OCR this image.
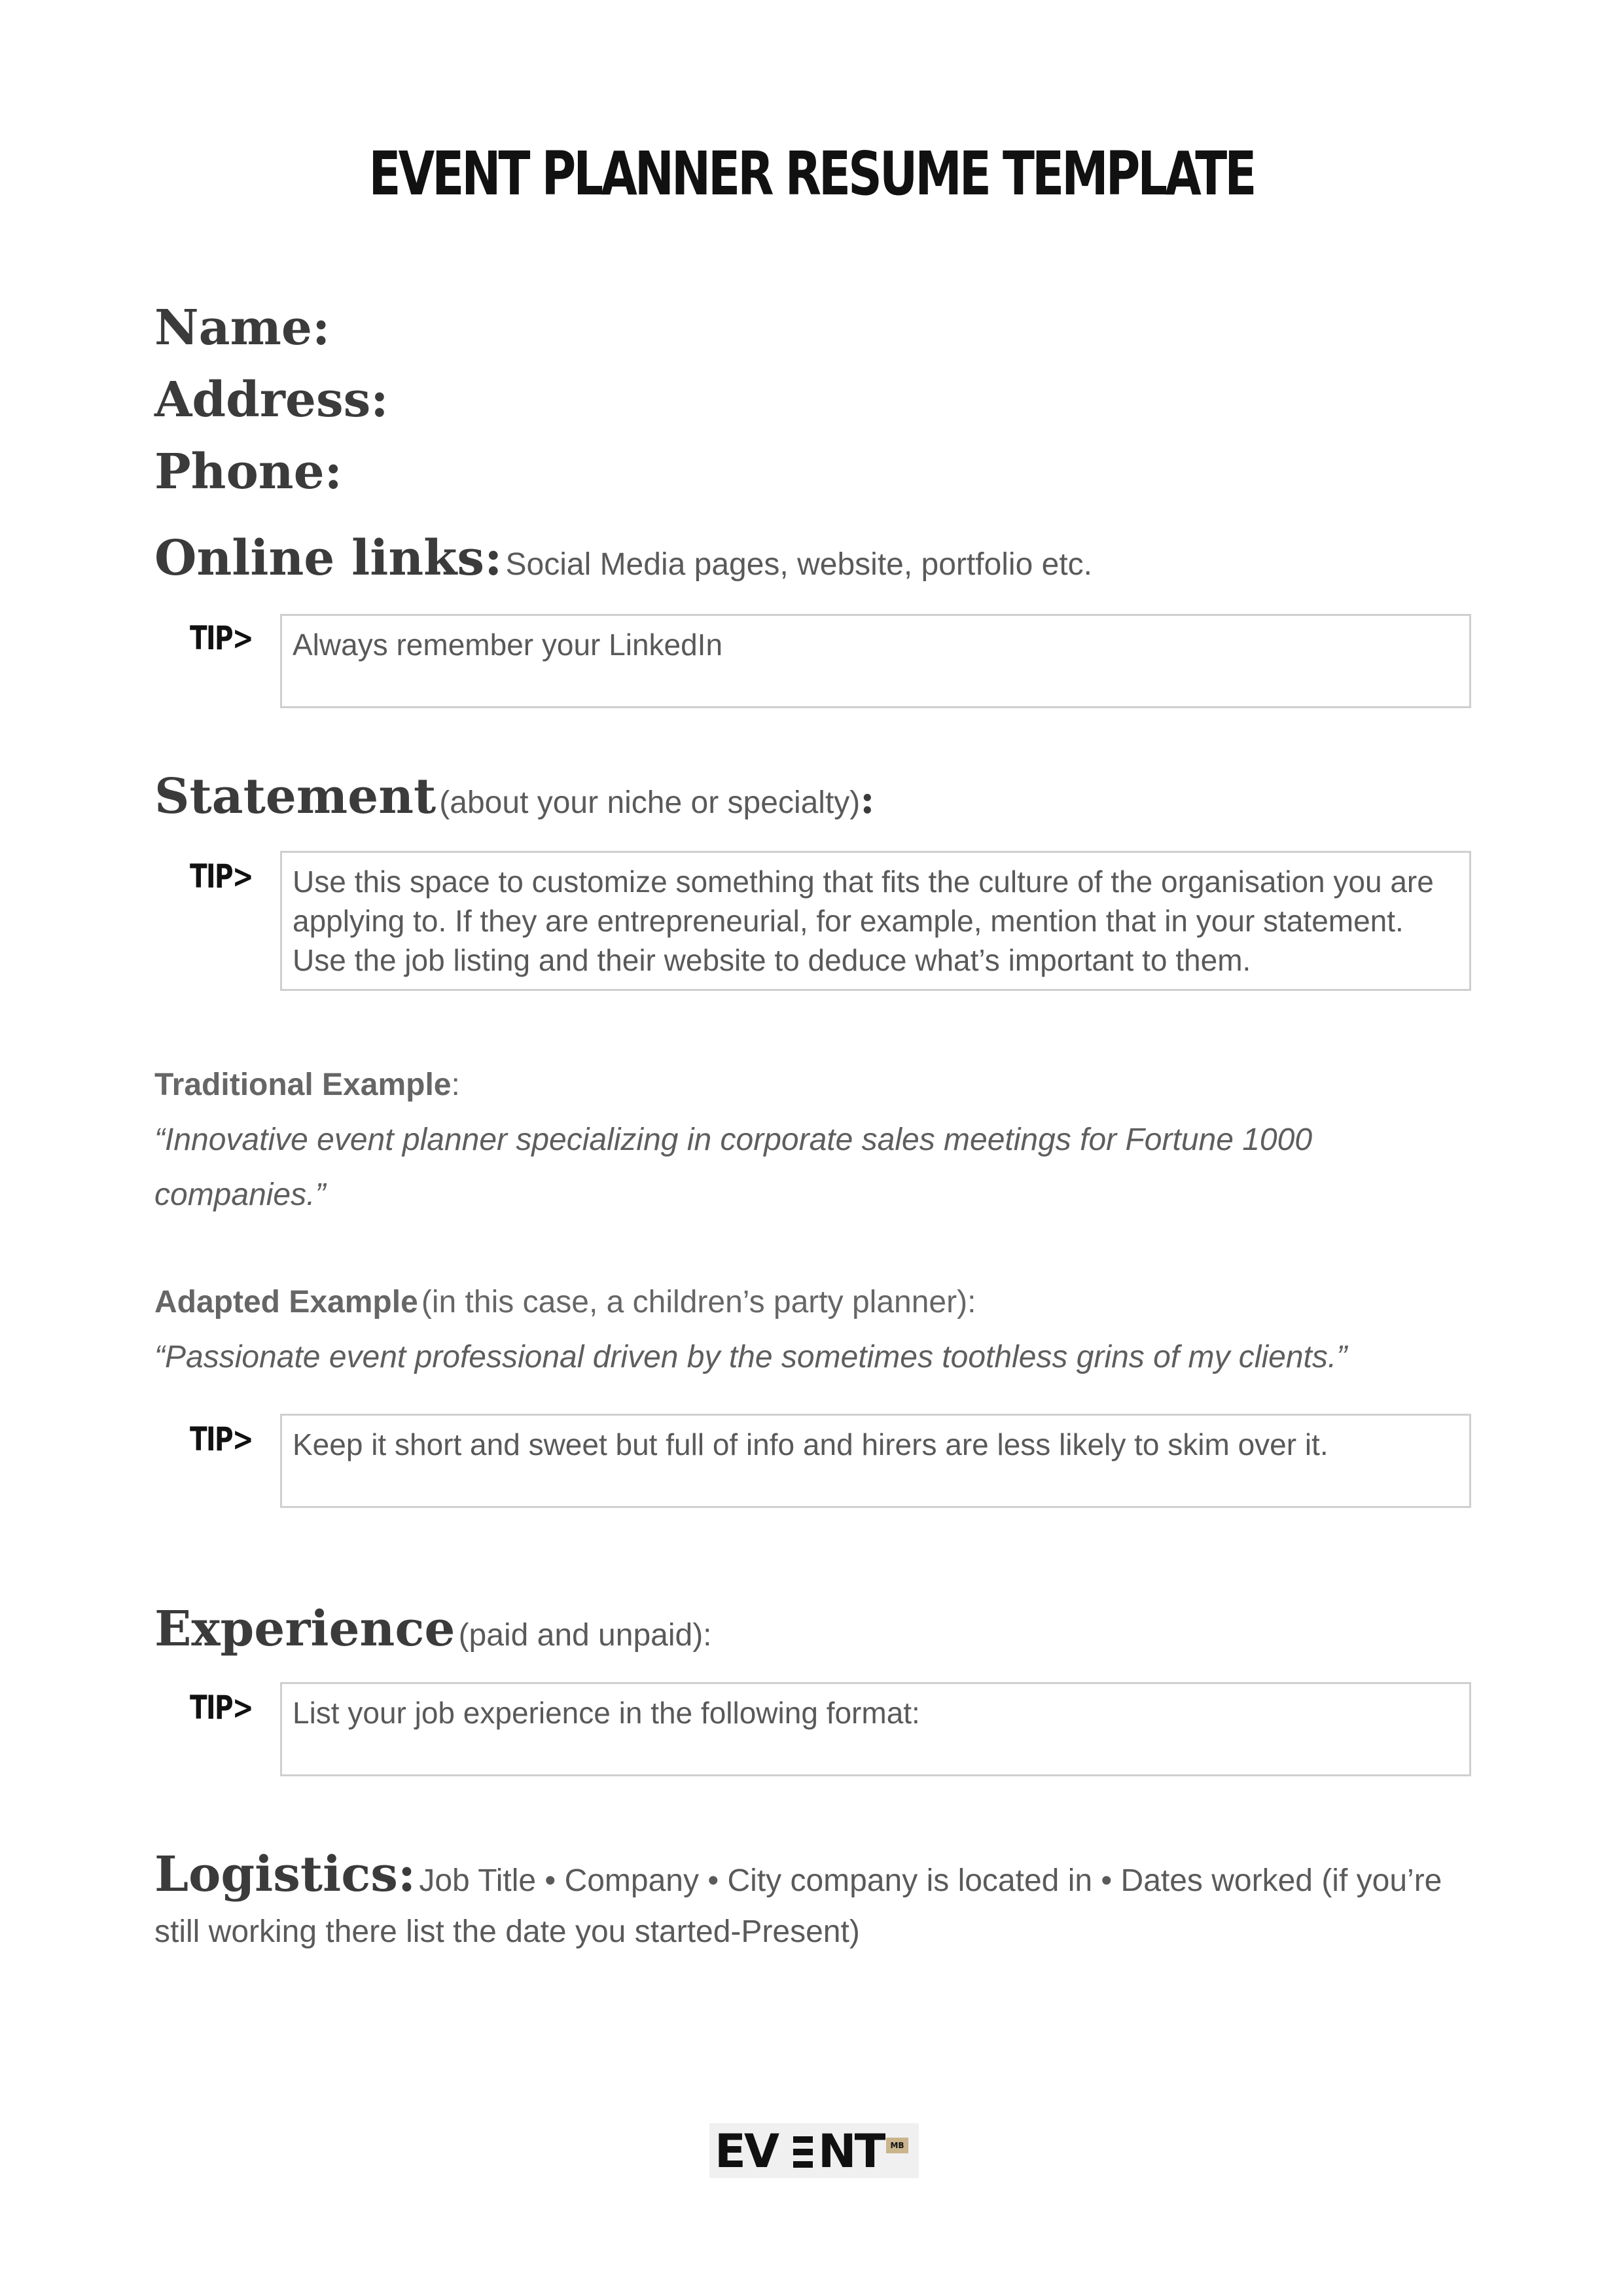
EVENT PLANNER RESUME TEMPLATE
Name:
Address:
Phone:
Online links: Social Media pages, website, portfolio etc.
TIP>	Always remember your LinkedIn
Statement (about your niche or specialty):
TIP>	Use this space to customize something that fits the culture of the organisation you are applying to. If they are entrepreneurial, for example, mention that in your statement. Use the job listing and their website to deduce what’s important to them.
Traditional Example:
“Innovative event planner specializing in corporate sales meetings for Fortune 1000 companies.”
Adapted Example (in this case, a children’s party planner):
“Passionate event professional driven by the sometimes toothless grins of my clients.”
TIP>	Keep it short and sweet but full of info and hirers are less likely to skim over it.
Experience (paid and unpaid):
TIP>	List your job experience in the following format:
Logistics: Job Title • Company • City company is located in • Dates worked (if you’re still working there list the date you started-Present)
EV NT MB
